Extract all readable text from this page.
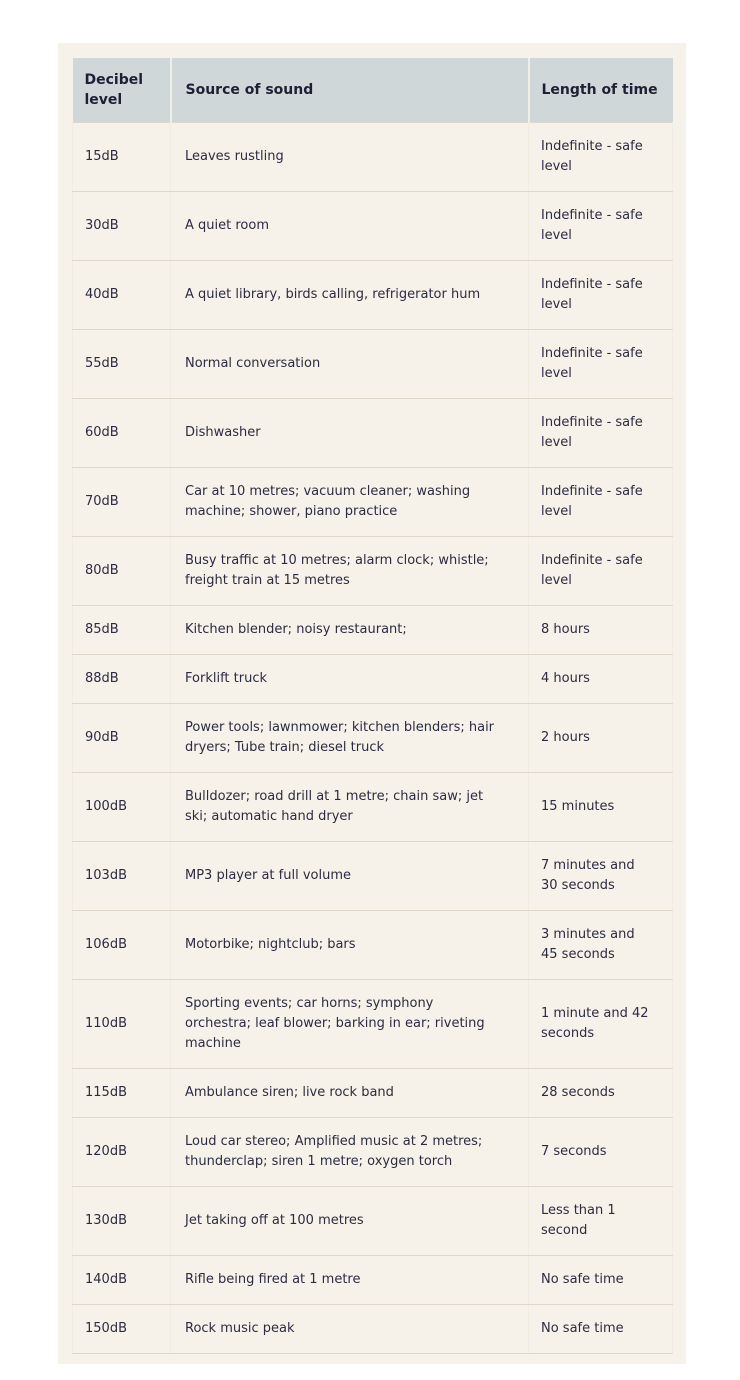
Decibel level	Source of sound	Length of time
15dB	Leaves rustling	Indefinite - safe level
30dB	A quiet room	Indefinite - safe level
40dB	A quiet library, birds calling, refrigerator hum	Indefinite - safe level
55dB	Normal conversation	Indefinite - safe level
60dB	Dishwasher	Indefinite - safe level
70dB	Car at 10 metres; vacuum cleaner; washing machine; shower, piano practice	Indefinite - safe level
80dB	Busy traffic at 10 metres; alarm clock; whistle; freight train at 15 metres	Indefinite - safe level
85dB	Kitchen blender; noisy restaurant;	8 hours
88dB	Forklift truck	4 hours
90dB	Power tools; lawnmower; kitchen blenders; hair dryers; Tube train; diesel truck	2 hours
100dB	Bulldozer; road drill at 1 metre; chain saw; jet ski; automatic hand dryer	15 minutes
103dB	MP3 player at full volume	7 minutes and 30 seconds
106dB	Motorbike; nightclub; bars	3 minutes and 45 seconds
110dB	Sporting events; car horns; symphony orchestra; leaf blower; barking in ear; riveting machine	1 minute and 42 seconds
115dB	Ambulance siren; live rock band	28 seconds
120dB	Loud car stereo; Amplified music at 2 metres; thunderclap; siren 1 metre; oxygen torch	7 seconds
130dB	Jet taking off at 100 metres	Less than 1 second
140dB	Rifle being fired at 1 metre	No safe time
150dB	Rock music peak	No safe time
